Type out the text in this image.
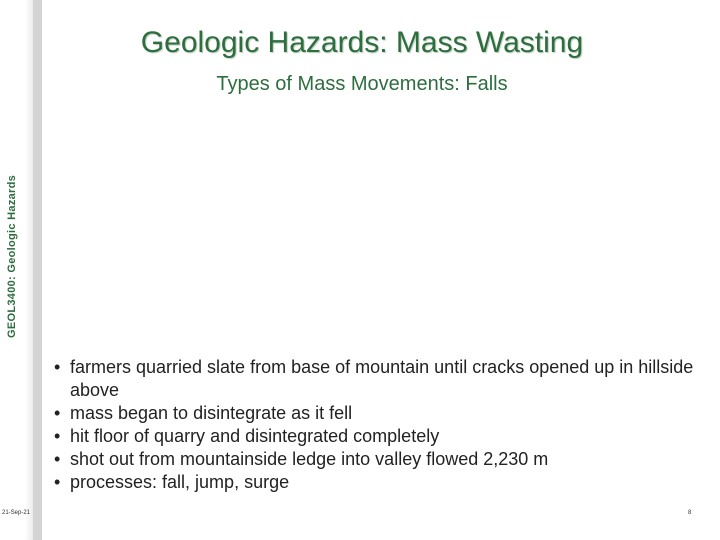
GEOL3400: Geologic Hazards
21-Sep-21
Geologic Hazards: Mass Wasting
Types of Mass Movements: Falls
• farmers quarried slate from base of mountain until cracks opened up in hillside above
• mass began to disintegrate as it fell
• hit floor of quarry and disintegrated completely
• shot out from mountainside ledge into valley flowed 2,230 m
• processes: fall, jump, surge
8
